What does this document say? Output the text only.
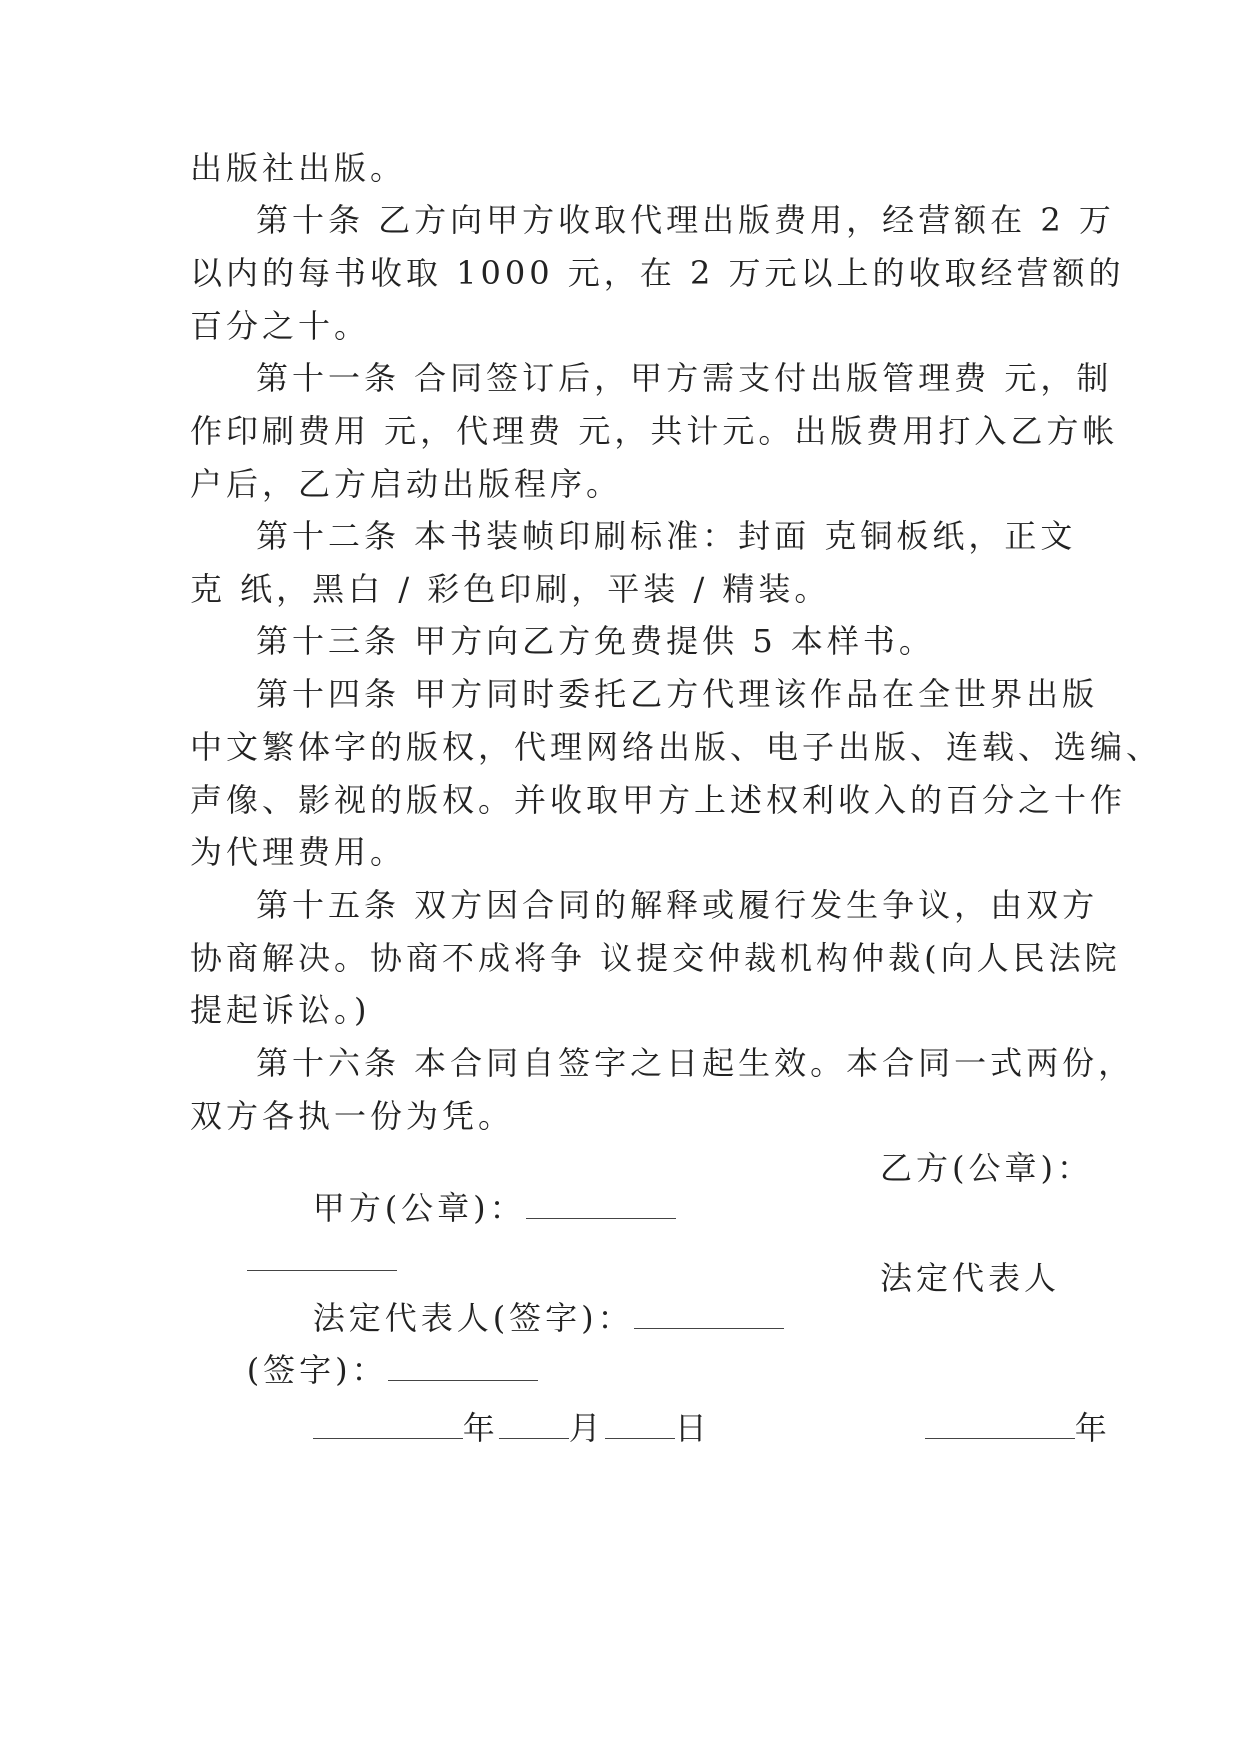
出版社出版。
第十条 乙方向甲方收取代理出版费用，经营额在 2 万
以内的每书收取 1000 元，在 2 万元以上的收取经营额的
百分之十。
第十一条 合同签订后，甲方需支付出版管理费 元，制
作印刷费用 元，代理费 元，共计元。出版费用打入乙方帐
户后，乙方启动出版程序。
第十二条 本书装帧印刷标准：封面 克铜板纸，正文
克 纸，黑白 / 彩色印刷，平装 / 精装。
第十三条 甲方向乙方免费提供 5 本样书。
第十四条 甲方同时委托乙方代理该作品在全世界出版
中文繁体字的版权，代理网络出版、电子出版、连载、选编、
声像、影视的版权。并收取甲方上述权利收入的百分之十作
为代理费用。
第十五条 双方因合同的解释或履行发生争议，由双方
协商解决。协商不成将争 议提交仲裁机构仲裁(向人民法院
提起诉讼。)
第十六条 本合同自签字之日起生效。本合同一式两份，
双方各执一份为凭。

甲方(公章)：

乙方(公章)：

法定代表人(签字)：

法定代表人

(签字)：

年 月 日
	年
